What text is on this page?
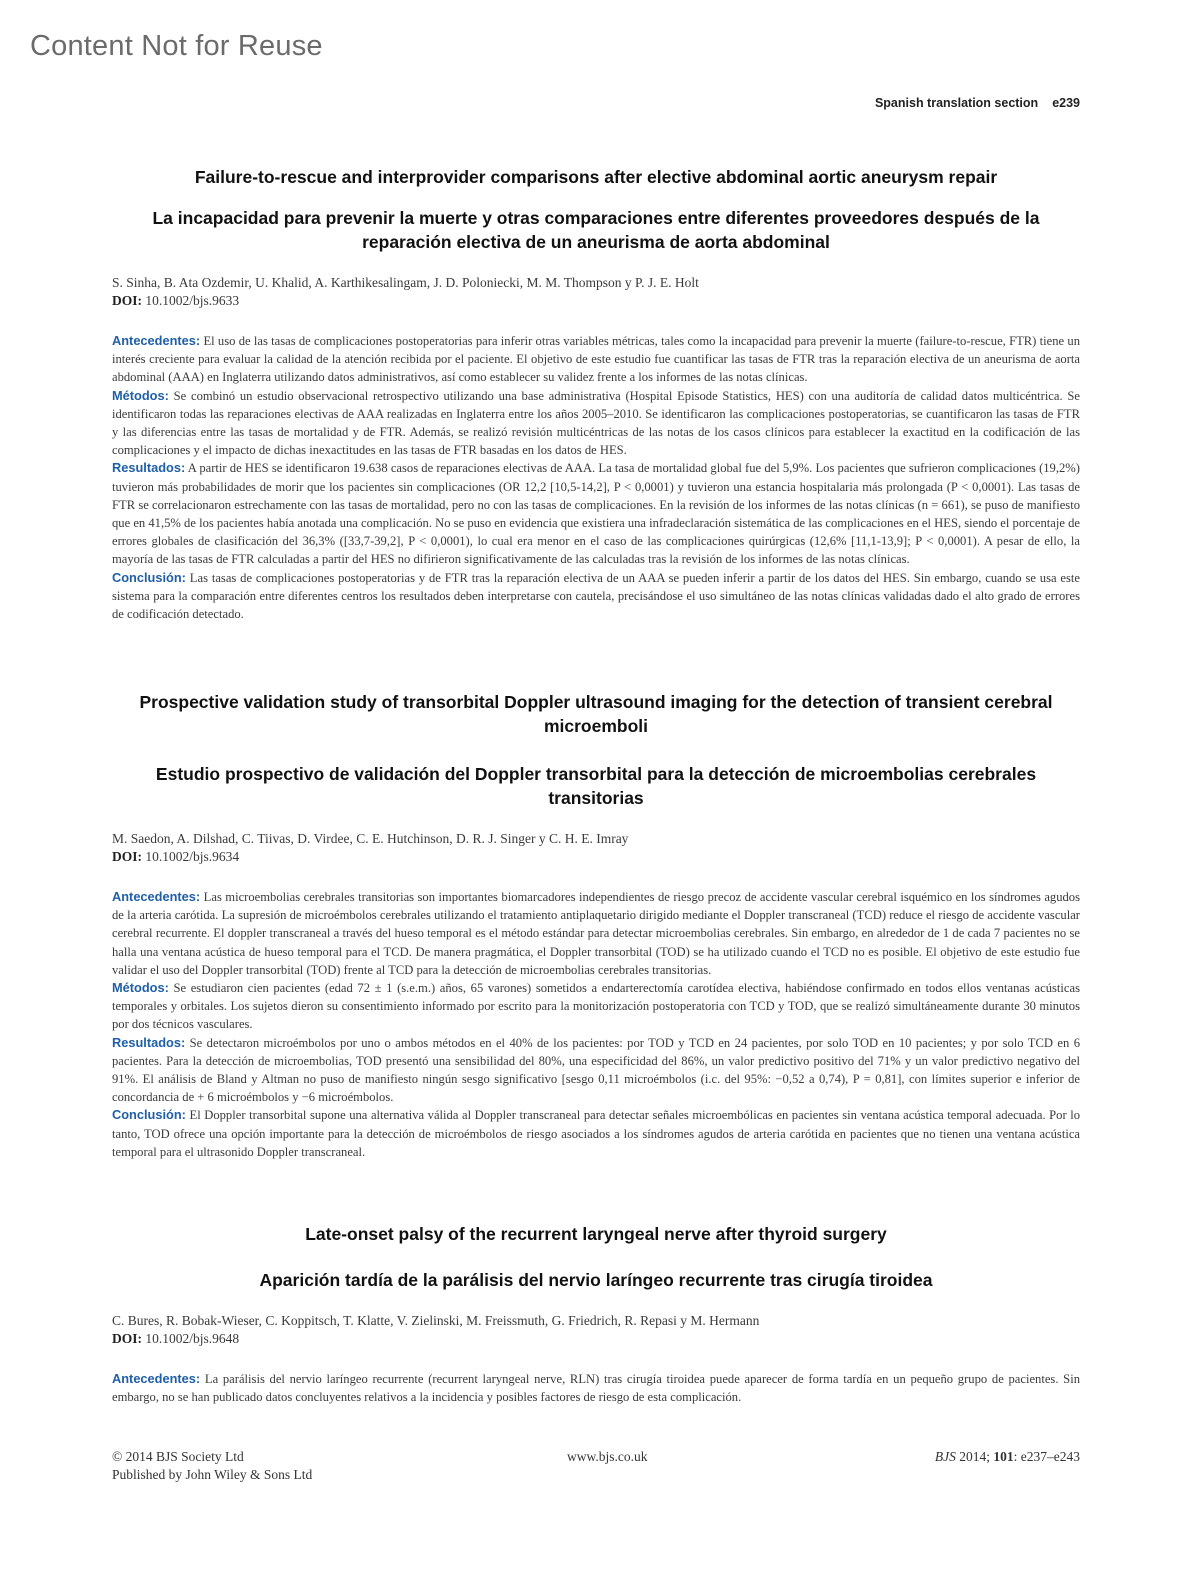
Content Not for Reuse
Spanish translation section e239
Failure-to-rescue and interprovider comparisons after elective abdominal aortic aneurysm repair
La incapacidad para prevenir la muerte y otras comparaciones entre diferentes proveedores después de la reparación electiva de un aneurisma de aorta abdominal
S. Sinha, B. Ata Ozdemir, U. Khalid, A. Karthikesalingam, J. D. Poloniecki, M. M. Thompson y P. J. E. Holt
DOI: 10.1002/bjs.9633

Antecedentes: El uso de las tasas de complicaciones postoperatorias para inferir otras variables métricas, tales como la incapacidad para prevenir la muerte (failure-to-rescue, FTR) tiene un interés creciente para evaluar la calidad de la atención recibida por el paciente. El objetivo de este estudio fue cuantificar las tasas de FTR tras la reparación electiva de un aneurisma de aorta abdominal (AAA) en Inglaterra utilizando datos administrativos, así como establecer su validez frente a los informes de las notas clínicas.

Métodos: Se combinó un estudio observacional retrospectivo utilizando una base administrativa (Hospital Episode Statistics, HES) con una auditoría de calidad datos multicéntrica. Se identificaron todas las reparaciones electivas de AAA realizadas en Inglaterra entre los años 2005–2010. Se identificaron las complicaciones postoperatorias, se cuantificaron las tasas de FTR y las diferencias entre las tasas de mortalidad y de FTR. Además, se realizó revisión multicéntricas de las notas de los casos clínicos para establecer la exactitud en la codificación de las complicaciones y el impacto de dichas inexactitudes en las tasas de FTR basadas en los datos de HES.

Resultados: A partir de HES se identificaron 19.638 casos de reparaciones electivas de AAA. La tasa de mortalidad global fue del 5,9%. Los pacientes que sufrieron complicaciones (19,2%) tuvieron más probabilidades de morir que los pacientes sin complicaciones (OR 12,2 [10,5-14,2], P < 0,0001) y tuvieron una estancia hospitalaria más prolongada (P < 0,0001). Las tasas de FTR se correlacionaron estrechamente con las tasas de mortalidad, pero no con las tasas de complicaciones. En la revisión de los informes de las notas clínicas (n = 661), se puso de manifiesto que en 41,5% de los pacientes había anotada una complicación. No se puso en evidencia que existiera una infradeclaración sistemática de las complicaciones en el HES, siendo el porcentaje de errores globales de clasificación del 36,3% ([33,7-39,2], P < 0,0001), lo cual era menor en el caso de las complicaciones quirúrgicas (12,6% [11,1-13,9]; P < 0,0001). A pesar de ello, la mayoría de las tasas de FTR calculadas a partir del HES no difirieron significativamente de las calculadas tras la revisión de los informes de las notas clínicas.

Conclusión: Las tasas de complicaciones postoperatorias y de FTR tras la reparación electiva de un AAA se pueden inferir a partir de los datos del HES. Sin embargo, cuando se usa este sistema para la comparación entre diferentes centros los resultados deben interpretarse con cautela, precisándose el uso simultáneo de las notas clínicas validadas dado el alto grado de errores de codificación detectado.

Prospective validation study of transorbital Doppler ultrasound imaging for the detection of transient cerebral microemboli
Estudio prospectivo de validación del Doppler transorbital para la detección de microembolias cerebrales transitorias
M. Saedon, A. Dilshad, C. Tiivas, D. Virdee, C. E. Hutchinson, D. R. J. Singer y C. H. E. Imray
DOI: 10.1002/bjs.9634

Antecedentes: Las microembolias cerebrales transitorias son importantes biomarcadores independientes de riesgo precoz de accidente vascular cerebral isquémico en los síndromes agudos de la arteria carótida. La supresión de microémbolos cerebrales utilizando el tratamiento antiplaquetario dirigido mediante el Doppler transcraneal (TCD) reduce el riesgo de accidente vascular cerebral recurrente. El doppler transcraneal a través del hueso temporal es el método estándar para detectar microembolias cerebrales. Sin embargo, en alrededor de 1 de cada 7 pacientes no se halla una ventana acústica de hueso temporal para el TCD. De manera pragmática, el Doppler transorbital (TOD) se ha utilizado cuando el TCD no es posible. El objetivo de este estudio fue validar el uso del Doppler transorbital (TOD) frente al TCD para la detección de microembolias cerebrales transitorias.

Métodos: Se estudiaron cien pacientes (edad 72 ± 1 (s.e.m.) años, 65 varones) sometidos a endarterectomía carotídea electiva, habiéndose confirmado en todos ellos ventanas acústicas temporales y orbitales. Los sujetos dieron su consentimiento informado por escrito para la monitorización postoperatoria con TCD y TOD, que se realizó simultáneamente durante 30 minutos por dos técnicos vasculares.

Resultados: Se detectaron microémbolos por uno o ambos métodos en el 40% de los pacientes: por TOD y TCD en 24 pacientes, por solo TOD en 10 pacientes; y por solo TCD en 6 pacientes. Para la detección de microembolias, TOD presentó una sensibilidad del 80%, una especificidad del 86%, un valor predictivo positivo del 71% y un valor predictivo negativo del 91%. El análisis de Bland y Altman no puso de manifiesto ningún sesgo significativo [sesgo 0,11 microémbolos (i.c. del 95%: −0,52 a 0,74), P = 0,81], con límites superior e inferior de concordancia de + 6 microémbolos y −6 microémbolos.

Conclusión: El Doppler transorbital supone una alternativa válida al Doppler transcraneal para detectar señales microembólicas en pacientes sin ventana acústica temporal adecuada. Por lo tanto, TOD ofrece una opción importante para la detección de microémbolos de riesgo asociados a los síndromes agudos de arteria carótida en pacientes que no tienen una ventana acústica temporal para el ultrasonido Doppler transcraneal.

Late-onset palsy of the recurrent laryngeal nerve after thyroid surgery
Aparición tardía de la parálisis del nervio laríngeo recurrente tras cirugía tiroidea
C. Bures, R. Bobak-Wieser, C. Koppitsch, T. Klatte, V. Zielinski, M. Freissmuth, G. Friedrich, R. Repasi y M. Hermann
DOI: 10.1002/bjs.9648

Antecedentes: La parálisis del nervio laríngeo recurrente (recurrent laryngeal nerve, RLN) tras cirugía tiroidea puede aparecer de forma tardía en un pequeño grupo de pacientes. Sin embargo, no se han publicado datos concluyentes relativos a la incidencia y posibles factores de riesgo de esta complicación.

© 2014 BJS Society Ltd
Published by John Wiley & Sons Ltd
www.bjs.co.uk	BJS 2014; 101: e237–e243
